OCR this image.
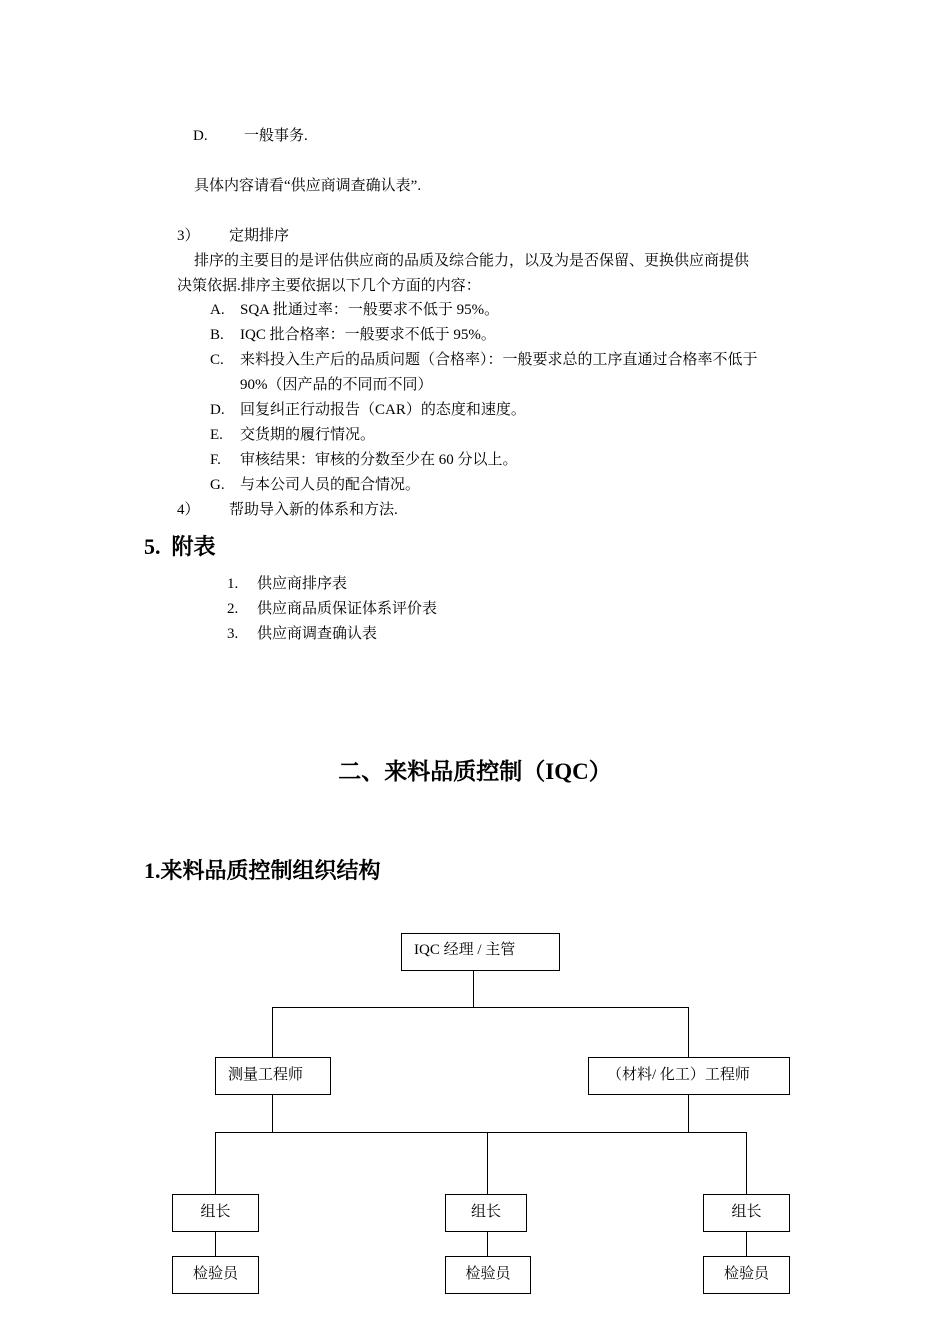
D. 一般事务.
具体内容请看“供应商调查确认表”.
3） 定期排序
排序的主要目的是评估供应商的品质及综合能力，以及为是否保留、更换供应商提供
决策依据.排序主要依据以下几个方面的内容：
A. SQA 批通过率：一般要求不低于 95%。
B. IQC 批合格率：一般要求不低于 95%。
C. 来料投入生产后的品质问题（合格率）：一般要求总的工序直通过合格率不低于
90%（因产品的不同而不同）
D. 回复纠正行动报告（CAR）的态度和速度。
E. 交货期的履行情况。
F. 审核结果：审核的分数至少在 60 分以上。
G. 与本公司人员的配合情况。
4） 帮助导入新的体系和方法.
5.  附表
1. 供应商排序表
2. 供应商品质保证体系评价表
3. 供应商调查确认表
二、来料品质控制（IQC）
1.来料品质控制组织结构
IQC 经理 / 主管
测量工程师	（材料/ 化工）工程师
组长	组长	组长
检验员	检验员	检验员
